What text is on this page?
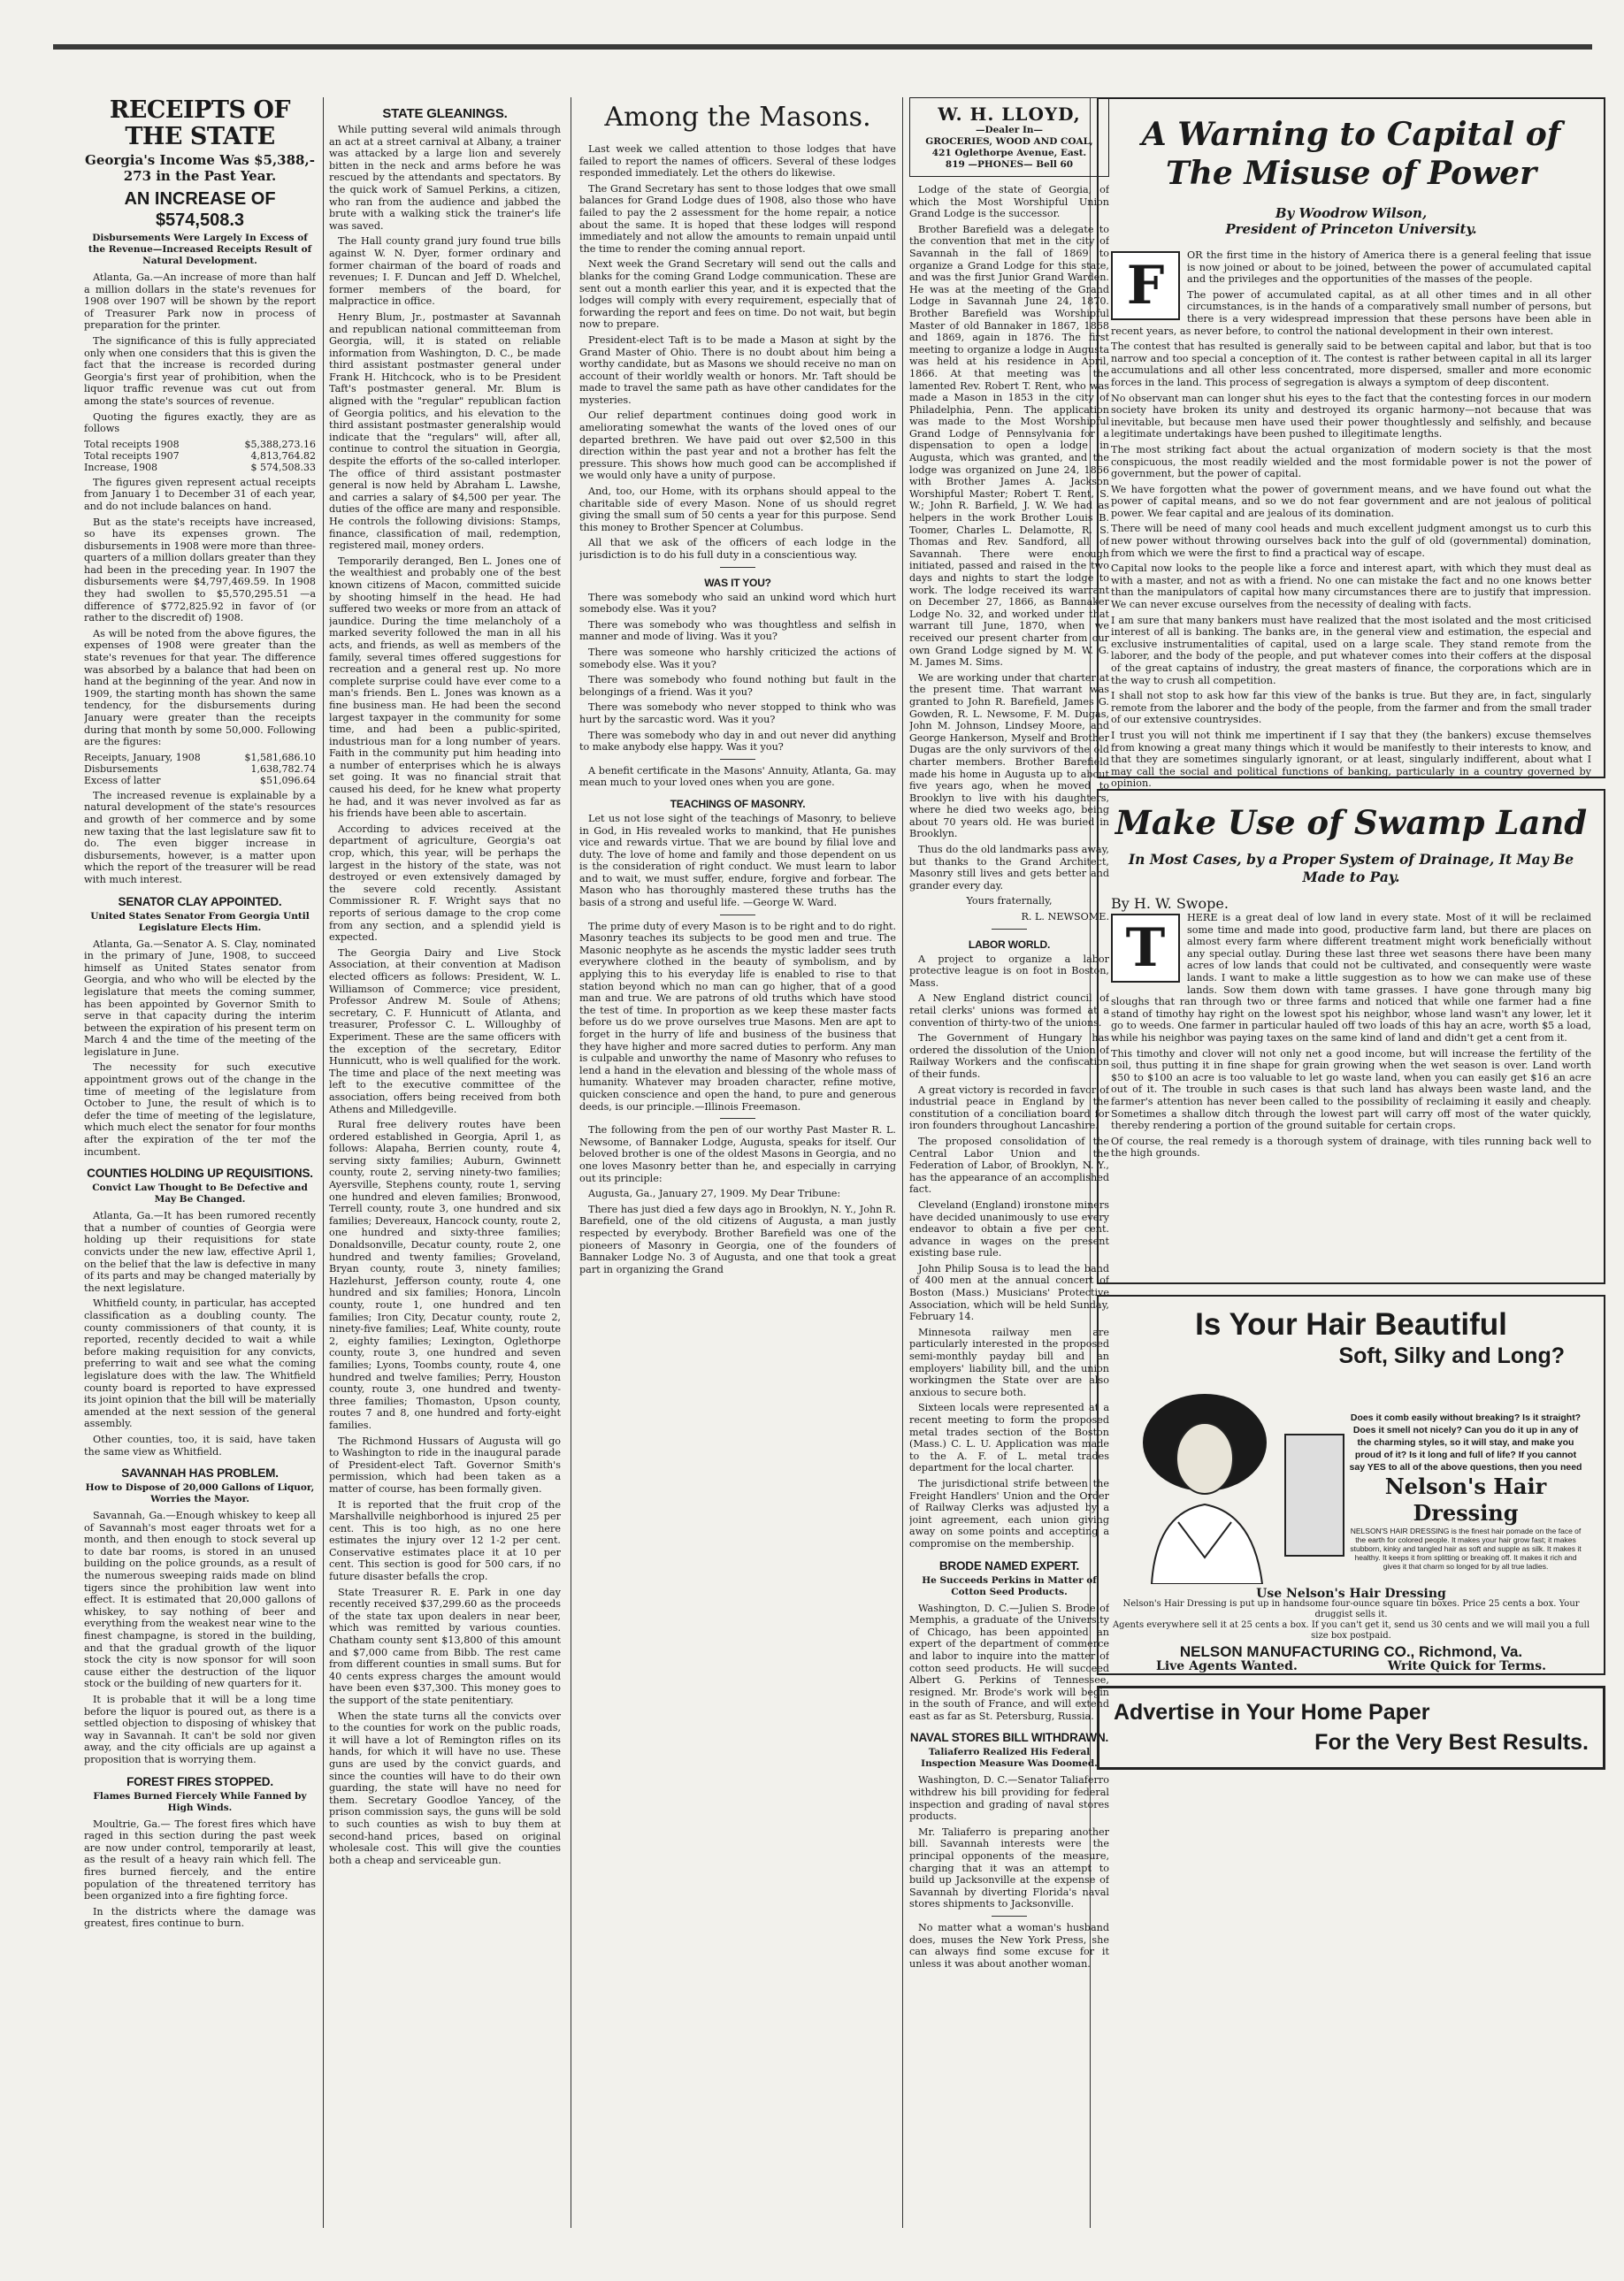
RECEIPTS OF THE STATE
Georgia's Income Was $5,388,- 273 in the Past Year.
AN INCREASE OF $574,508.3
Disbursements Were Largely In Excess of the Revenue—Increased Receipts Result of Natural Development.

Atlanta, Ga.—An increase of more than half a million dollars in the state's revenues for 1908 over 1907 will be shown by the report of Treasurer Park now in process of preparation for the printer.

The significance of this is fully appreciated only when one considers that this is given the fact that the increase is recorded during Georgia's first year of prohibition, when the liquor traffic revenue was cut out from among the state's sources of revenue.

Quoting the figures exactly, they are as follows

Total receipts 1908	$5,388,273.16
Total receipts 1907	4,813,764.82
Increase, 1908	$ 574,508.33

The figures given represent actual receipts from January 1 to December 31 of each year, and do not include balances on hand.

But as the state's receipts have increased, so have its expenses grown. The disbursements in 1908 were more than three-quarters of a million dollars greater than they had been in the preceding year. In 1907 the disbursements were $4,797,469.59. In 1908 they had swollen to $5,570,295.51 —a difference of $772,825.92 in favor of (or rather to the discredit of) 1908.

As will be noted from the above figures, the expenses of 1908 were greater than the state's revenues for that year. The difference was absorbed by a balance that had been on hand at the beginning of the year. And now in 1909, the starting month has shown the same tendency, for the disbursements during January were greater than the receipts during that month by some 50,000. Following are the figures:

Receipts, January, 1908	$1,581,686.10
Disbursements	1,638,782.74
Excess of latter	$51,096.64

The increased revenue is explainable by a natural development of the state's resources and growth of her commerce and by some new taxing that the last legislature saw fit to do. The even bigger increase in disbursements, however, is a matter upon which the report of the treasurer will be read with much interest.

SENATOR CLAY APPOINTED.
United States Senator From Georgia Until Legislature Elects Him.

Atlanta, Ga.—Senator A. S. Clay, nominated in the primary of June, 1908, to succeed himself as United States senator from Georgia, and who who will be elected by the legislature that meets the coming summer, has been appointed by Governor Smith to serve in that capacity during the interim between the expiration of his present term on March 4 and the time of the meeting of the legislature in June.

The necessity for such executive appointment grows out of the change in the time of meeting of the legislature from October to June, the result of which is to defer the time of meeting of the legislature, which much elect the senator for four months after the expiration of the ter mof the incumbent.

COUNTIES HOLDING UP REQUISITIONS.
Convict Law Thought to Be Defective and May Be Changed.

Atlanta, Ga.—It has been rumored recently that a number of counties of Georgia were holding up their requisitions for state convicts under the new law, effective April 1, on the belief that the law is defective in many of its parts and may be changed materially by the next legislature.

Whitfield county, in particular, has accepted classification as a doubling county. The county commissioners of that county, it is reported, recently decided to wait a while before making requisition for any convicts, preferring to wait and see what the coming legislature does with the law. The Whitfield county board is reported to have expressed its joint opinion that the bill will be materially amended at the next session of the general assembly.

Other counties, too, it is said, have taken the same view as Whitfield.

SAVANNAH HAS PROBLEM.
How to Dispose of 20,000 Gallons of Liquor, Worries the Mayor.

Savannah, Ga.—Enough whiskey to keep all of Savannah's most eager throats wet for a month, and then enough to stock several up to date bar rooms, is stored in an unused building on the police grounds, as a result of the numerous sweeping raids made on blind tigers since the prohibition law went into effect. It is estimated that 20,000 gallons of whiskey, to say nothing of beer and everything from the weakest near wine to the finest champagne, is stored in the building, and that the gradual growth of the liquor stock the city is now sponsor for will soon cause either the destruction of the liquor stock or the building of new quarters for it.

It is probable that it will be a long time before the liquor is poured out, as there is a settled objection to disposing of whiskey that way in Savannah. It can't be sold nor given away, and the city officials are up against a proposition that is worrying them.

FOREST FIRES STOPPED.
Flames Burned Fiercely While Fanned by High Winds.

Moultrie, Ga.— The forest fires which have raged in this section during the past week are now under control, temporarily at least, as the result of a heavy rain which fell. The fires burned fiercely, and the entire population of the threatened territory has been organized into a fire fighting force.

In the districts where the damage was greatest, fires continue to burn.

STATE GLEANINGS.

While putting several wild animals through an act at a street carnival at Albany, a trainer was attacked by a large lion and severely bitten in the neck and arms before he was rescued by the attendants and spectators. By the quick work of Samuel Perkins, a citizen, who ran from the audience and jabbed the brute with a walking stick the trainer's life was saved.

The Hall county grand jury found true bills against W. N. Dyer, former ordinary and former chairman of the board of roads and revenues; I. F. Duncan and Jeff D. Whelchel, former members of the board, for malpractice in office.

Henry Blum, Jr., postmaster at Savannah and republican national committeeman from Georgia, will, it is stated on reliable information from Washington, D. C., be made third assistant postmaster general under Frank H. Hitchcock, who is to be President Taft's postmaster general. Mr. Blum is aligned with the "regular" republican faction of Georgia politics, and his elevation to the third assistant postmaster generalship would indicate that the "regulars" will, after all, continue to control the situation in Georgia, despite the efforts of the so-called interloper. The office of third assistant postmaster general is now held by Abraham L. Lawshe, and carries a salary of $4,500 per year. The duties of the office are many and responsible. He controls the following divisions: Stamps, finance, classification of mail, redemption, registered mail, money orders.

Temporarily deranged, Ben L. Jones one of the wealthiest and probably one of the best known citizens of Macon, committed suicide by shooting himself in the head. He had suffered two weeks or more from an attack of jaundice. During the time melancholy of a marked severity followed the man in all his acts, and friends, as well as members of the family, several times offered suggestions for recreation and a general rest up. No more complete surprise could have ever come to a man's friends. Ben L. Jones was known as a fine business man. He had been the second largest taxpayer in the community for some time, and had been a public-spirited, industrious man for a long number of years. Faith in the community put him heading into a number of enterprises which he is always set going. It was no financial strait that caused his deed, for he knew what property he had, and it was never involved as far as his friends have been able to ascertain.

According to advices received at the department of agriculture, Georgia's oat crop, which, this year, will be perhaps the largest in the history of the state, was not destroyed or even extensively damaged by the severe cold recently. Assistant Commissioner R. F. Wright says that no reports of serious damage to the crop come from any section, and a splendid yield is expected.

The Georgia Dairy and Live Stock Association, at their convention at Madison elected officers as follows: President, W. L. Williamson of Commerce; vice president, Professor Andrew M. Soule of Athens; secretary, C. F. Hunnicutt of Atlanta, and treasurer, Professor C. L. Willoughby of Experiment. These are the same officers with the exception of the secretary, Editor Hunnicutt, who is well qualified for the work. The time and place of the next meeting was left to the executive committee of the association, offers being received from both Athens and Milledgeville.

Rural free delivery routes have been ordered established in Georgia, April 1, as follows: Alapaha, Berrien county, route 4, serving sixty families; Auburn, Gwinnett county, route 2, serving ninety-two families; Ayersville, Stephens county, route 1, serving one hundred and eleven families; Bronwood, Terrell county, route 3, one hundred and six families; Devereaux, Hancock county, route 2, one hundred and sixty-three families; Donaldsonville, Decatur county, route 2, one hundred and twenty families; Groveland, Bryan county, route 3, ninety families; Hazlehurst, Jefferson county, route 4, one hundred and six families; Honora, Lincoln county, route 1, one hundred and ten families; Iron City, Decatur county, route 2, ninety-five families; Leaf, White county, route 2, eighty families; Lexington, Oglethorpe county, route 3, one hundred and seven families; Lyons, Toombs county, route 4, one hundred and twelve families; Perry, Houston county, route 3, one hundred and twenty-three families; Thomaston, Upson county, routes 7 and 8, one hundred and forty-eight families.

The Richmond Hussars of Augusta will go to Washington to ride in the inaugural parade of President-elect Taft. Governor Smith's permission, which had been taken as a matter of course, has been formally given.

It is reported that the fruit crop of the Marshallville neighborhood is injured 25 per cent. This is too high, as no one here estimates the injury over 12 1-2 per cent. Conservative estimates place it at 10 per cent. This section is good for 500 cars, if no future disaster befalls the crop.

State Treasurer R. E. Park in one day recently received $37,299.60 as the proceeds of the state tax upon dealers in near beer, which was remitted by various counties. Chatham county sent $13,800 of this amount and $7,000 came from Bibb. The rest came from different counties in small sums. But for 40 cents express charges the amount would have been even $37,300. This money goes to the support of the state penitentiary.

When the state turns all the convicts over to the counties for work on the public roads, it will have a lot of Remington rifles on its hands, for which it will have no use. These guns are used by the convict guards, and since the counties will have to do their own guarding, the state will have no need for them. Secretary Goodloe Yancey, of the prison commission says, the guns will be sold to such counties as wish to buy them at second-hand prices, based on original wholesale cost. This will give the counties both a cheap and serviceable gun.

Among the Masons.

Last week we called attention to those lodges that have failed to report the names of officers. Several of these lodges responded immediately. Let the others do likewise.

The Grand Secretary has sent to those lodges that owe small balances for Grand Lodge dues of 1908, also those who have failed to pay the 2 assessment for the home repair, a notice about the same. It is hoped that these lodges will respond immediately and not allow the amounts to remain unpaid until the time to render the coming annual report.

Next week the Grand Secretary will send out the calls and blanks for the coming Grand Lodge communication. These are sent out a month earlier this year, and it is expected that the lodges will comply with every requirement, especially that of forwarding the report and fees on time. Do not wait, but begin now to prepare.

President-elect Taft is to be made a Mason at sight by the Grand Master of Ohio. There is no doubt about him being a worthy candidate, but as Masons we should receive no man on account of their worldly wealth or honors. Mr. Taft should be made to travel the same path as have other candidates for the mysteries.

Our relief department continues doing good work in ameliorating somewhat the wants of the loved ones of our departed brethren. We have paid out over $2,500 in this direction within the past year and not a brother has felt the pressure. This shows how much good can be accomplished if we would only have a unity of purpose.

And, too, our Home, with its orphans should appeal to the charitable side of every Mason. None of us should regret giving the small sum of 50 cents a year for this purpose. Send this money to Brother Spencer at Columbus.

All that we ask of the officers of each lodge in the jurisdiction is to do his full duty in a conscientious way.

WAS IT YOU?

There was somebody who said an unkind word which hurt somebody else. Was it you?

There was somebody who was thoughtless and selfish in manner and mode of living. Was it you?

There was someone who harshly criticized the actions of somebody else. Was it you?

There was somebody who found nothing but fault in the belongings of a friend. Was it you?

There was somebody who never stopped to think who was hurt by the sarcastic word. Was it you?

There was somebody who day in and out never did anything to make anybody else happy. Was it you?

A benefit certificate in the Masons' Annuity, Atlanta, Ga. may mean much to your loved ones when you are gone.

TEACHINGS OF MASONRY.

Let us not lose sight of the teachings of Masonry, to believe in God, in His revealed works to mankind, that He punishes vice and rewards virtue. That we are bound by filial love and duty. The love of home and family and those dependent on us is the consideration of right conduct. We must learn to labor and to wait, we must suffer, endure, forgive and forbear. The Mason who has thoroughly mastered these truths has the basis of a strong and useful life. —George W. Ward.

The prime duty of every Mason is to be right and to do right. Masonry teaches its subjects to be good men and true. The Masonic neophyte as he ascends the mystic ladder sees truth everywhere clothed in the beauty of symbolism, and by applying this to his everyday life is enabled to rise to that station beyond which no man can go higher, that of a good man and true. We are patrons of old truths which have stood the test of time. In proportion as we keep these master facts before us do we prove ourselves true Masons. Men are apt to forget in the hurry of life and business of the business that they have higher and more sacred duties to perform. Any man is culpable and unworthy the name of Masonry who refuses to lend a hand in the elevation and blessing of the whole mass of humanity. Whatever may broaden character, refine motive, quicken conscience and open the hand, to pure and generous deeds, is our principle.—Illinois Freemason.

The following from the pen of our worthy Past Master R. L. Newsome, of Bannaker Lodge, Augusta, speaks for itself. Our beloved brother is one of the oldest Masons in Georgia, and no one loves Masonry better than he, and especially in carrying out its principle:

Augusta, Ga., January 27, 1909. My Dear Tribune:

There has just died a few days ago in Brooklyn, N. Y., John R. Barefield, one of the old citizens of Augusta, a man justly respected by everybody. Brother Barefield was one of the pioneers of Masonry in Georgia, one of the founders of Bannaker Lodge No. 3 of Augusta, and one that took a great part in organizing the Grand

W. H. LLOYD,
—Dealer In—
GROCERIES, WOOD AND COAL,
421 Oglethorpe Avenue, East.
819 —PHONES— Bell 60

Lodge of the state of Georgia, of which the Most Worshipful Union Grand Lodge is the successor.

Brother Barefield was a delegate to the convention that met in the city of Savannah in the fall of 1869 to organize a Grand Lodge for this state, and was the first Junior Grand Warden. He was at the meeting of the Grand Lodge in Savannah June 24, 1870. Brother Barefield was Worshipful Master of old Bannaker in 1867, 1868 and 1869, again in 1876. The first meeting to organize a lodge in Augusta was held at his residence in April, 1866. At that meeting was the lamented Rev. Robert T. Rent, who was made a Mason in 1853 in the city of Philadelphia, Penn. The application was made to the Most Worshipful Grand Lodge of Pennsylvania for a dispensation to open a lodge in Augusta, which was granted, and the lodge was organized on June 24, 1866 with Brother James A. Jackson Worshipful Master; Robert T. Rent, S. W.; John R. Barfield, J. W. We had as helpers in the work Brother Louis B. Toomer, Charles L. Delamotte, R. S. Thomas and Rev. Sandford, all of Savannah. There were enough initiated, passed and raised in the two days and nights to start the lodge to work. The lodge received its warrant on December 27, 1866, as Bannaker Lodge No. 32, and worked under that warrant till June, 1870, when we received our present charter from our own Grand Lodge signed by M. W. G. M. James M. Sims.

We are working under that charter at the present time. That warrant was granted to John R. Barefield, James G. Gowden, R. L. Newsome, F. M. Dugas, John M. Johnson, Lindsey Moore, and George Hankerson, Myself and Brother Dugas are the only survivors of the old charter members. Brother Barefield made his home in Augusta up to about five years ago, when he moved to Brooklyn to live with his daughters, where he died two weeks ago, being about 70 years old. He was buried in Brooklyn.

Thus do the old landmarks pass away, but thanks to the Grand Architect, Masonry still lives and gets better and grander every day.

Yours fraternally,

R. L. NEWSOME.

LABOR WORLD.

A project to organize a labor protective league is on foot in Boston, Mass.

A New England district council of retail clerks' unions was formed at a convention of thirty-two of the unions.

The Government of Hungary has ordered the dissolution of the Union of Railway Workers and the confiscation of their funds.

A great victory is recorded in favor of industrial peace in England by the constitution of a conciliation board for iron founders throughout Lancashire.

The proposed consolidation of the Central Labor Union and the Federation of Labor, of Brooklyn, N. Y., has the appearance of an accomplished fact.

Cleveland (England) ironstone miners have decided unanimously to use every endeavor to obtain a five per cent. advance in wages on the present existing base rule.

John Philip Sousa is to lead the band of 400 men at the annual concert of Boston (Mass.) Musicians' Protective Association, which will be held Sunday, February 14.

Minnesota railway men are particularly interested in the proposed semi-monthly payday bill and an employers' liability bill, and the union workingmen the State over are also anxious to secure both.

Sixteen locals were represented at a recent meeting to form the proposed metal trades section of the Boston (Mass.) C. L. U. Application was made to the A. F. of L. metal trades department for the local charter.

The jurisdictional strife between the Freight Handlers' Union and the Order of Railway Clerks was adjusted by a joint agreement, each union giving away on some points and accepting a compromise on the membership.

BRODE NAMED EXPERT.
He Succeeds Perkins in Matter of Cotton Seed Products.

Washington, D. C.—Julien S. Brode of Memphis, a graduate of the University of Chicago, has been appointed an expert of the department of commerce and labor to inquire into the matter of cotton seed products. He will succeed Albert G. Perkins of Tennessee, resigned. Mr. Brode's work will begin in the south of France, and will extend east as far as St. Petersburg, Russia.

NAVAL STORES BILL WITHDRAWN.
Taliaferro Realized His Federal Inspection Measure Was Doomed.

Washington, D. C.—Senator Taliaferro withdrew his bill providing for federal inspection and grading of naval stores products.

Mr. Taliaferro is preparing another bill. Savannah interests were the principal opponents of the measure, charging that it was an attempt to build up Jacksonville at the expense of Savannah by diverting Florida's naval stores shipments to Jacksonville.

No matter what a woman's husband does, muses the New York Press, she can always find some excuse for it unless it was about another woman.

A Warning to Capital of The Misuse of Power
By Woodrow Wilson,
President of Princeton University.
F	OR the first time in the history of America there is a general feeling that issue is now joined or about to be joined, between the power of accumulated capital and the privileges and the opportunities of the masses of the people.

The power of accumulated capital, as at all other times and in all other circumstances, is in the hands of a comparatively small number of persons, but there is a very widespread impression that these persons have been able in recent years, as never before, to control the national development in their own interest.

The contest that has resulted is generally said to be between capital and labor, but that is too narrow and too special a conception of it. The contest is rather between capital in all its larger accumulations and all other less concentrated, more dispersed, smaller and more economic forces in the land. This process of segregation is always a symptom of deep discontent.

No observant man can longer shut his eyes to the fact that the contesting forces in our modern society have broken its unity and destroyed its organic harmony—not because that was inevitable, but because men have used their power thoughtlessly and selfishly, and because legitimate undertakings have been pushed to illegitimate lengths.

The most striking fact about the actual organization of modern society is that the most conspicuous, the most readily wielded and the most formidable power is not the power of government, but the power of capital.

We have forgotten what the power of government means, and we have found out what the power of capital means, and so we do not fear government and are not jealous of political power. We fear capital and are jealous of its domination.

There will be need of many cool heads and much excellent judgment amongst us to curb this new power without throwing ourselves back into the gulf of old (governmental) domination, from which we were the first to find a practical way of escape.

Capital now looks to the people like a force and interest apart, with which they must deal as with a master, and not as with a friend. No one can mistake the fact and no one knows better than the manipulators of capital how many circumstances there are to justify that impression. We can never excuse ourselves from the necessity of dealing with facts.

I am sure that many bankers must have realized that the most isolated and the most criticised interest of all is banking. The banks are, in the general view and estimation, the especial and exclusive instrumentalities of capital, used on a large scale. They stand remote from the laborer, and the body of the people, and put whatever comes into their coffers at the disposal of the great captains of industry, the great masters of finance, the corporations which are in the way to crush all competition.

I shall not stop to ask how far this view of the banks is true. But they are, in fact, singularly remote from the laborer and the body of the people, from the farmer and from the small trader of our extensive countrysides.

I trust you will not think me impertinent if I say that they (the bankers) excuse themselves from knowing a great many things which it would be manifestly to their interests to know, and that they are sometimes singularly ignorant, or at least, singularly indifferent, about what I may call the social and political functions of banking, particularly in a country governed by opinion.

Make Use of Swamp Land
In Most Cases, by a Proper System of Drainage, It May Be Made to Pay.
By H. W. Swope.
T	HERE is a great deal of low land in every state. Most of it will be reclaimed some time and made into good, productive farm land, but there are places on almost every farm where different treatment might work beneficially without any special outlay. During these last three wet seasons there have been many acres of low lands that could not be cultivated, and consequently were waste lands. I want to make a little suggestion as to how we can make use of these lands. Sow them down with tame grasses. I have gone through many big sloughs that ran through two or three farms and noticed that while one farmer had a fine stand of timothy hay right on the lowest spot his neighbor, whose land wasn't any lower, let it go to weeds. One farmer in particular hauled off two loads of this hay an acre, worth $5 a load, while his neighbor was paying taxes on the same kind of land and didn't get a cent from it.

This timothy and clover will not only net a good income, but will increase the fertility of the soil, thus putting it in fine shape for grain growing when the wet season is over. Land worth $50 to $100 an acre is too valuable to let go waste land, when you can easily get $16 an acre out of it. The trouble in such cases is that such land has always been waste land, and the farmer's attention has never been called to the possibility of reclaiming it easily and cheaply. Sometimes a shallow ditch through the lowest part will carry off most of the water quickly, thereby rendering a portion of the ground suitable for certain crops.

Of course, the real remedy is a thorough system of drainage, with tiles running back well to the high grounds.

Is Your Hair Beautiful
Soft, Silky and Long?
Does it comb easily without breaking? Is it straight? Does it smell not nicely? Can you do it up in any of the charming styles, so it will stay, and make you proud of it? Is it long and full of life? If you cannot say YES to all of the above questions, then you need
Nelson's Hair Dressing
NELSON'S HAIR DRESSING is the finest hair pomade on the face of the earth for colored people. It makes your hair grow fast; it makes stubborn, kinky and tangled hair as soft and supple as silk. It makes it healthy. It keeps it from splitting or breaking off. It makes it rich and gives it that charm so longed for by all true ladies.
Use Nelson's Hair Dressing
Nelson's Hair Dressing is put up in handsome four-ounce square tin boxes. Price 25 cents a box. Your druggist sells it.
Agents everywhere sell it at 25 cents a box. If you can't get it, send us 30 cents and we will mail you a full size box postpaid.
NELSON MANUFACTURING CO., Richmond, Va.
Live Agents Wanted.	Write Quick for Terms.
Advertise in Your Home Paper
For the Very Best Results.
